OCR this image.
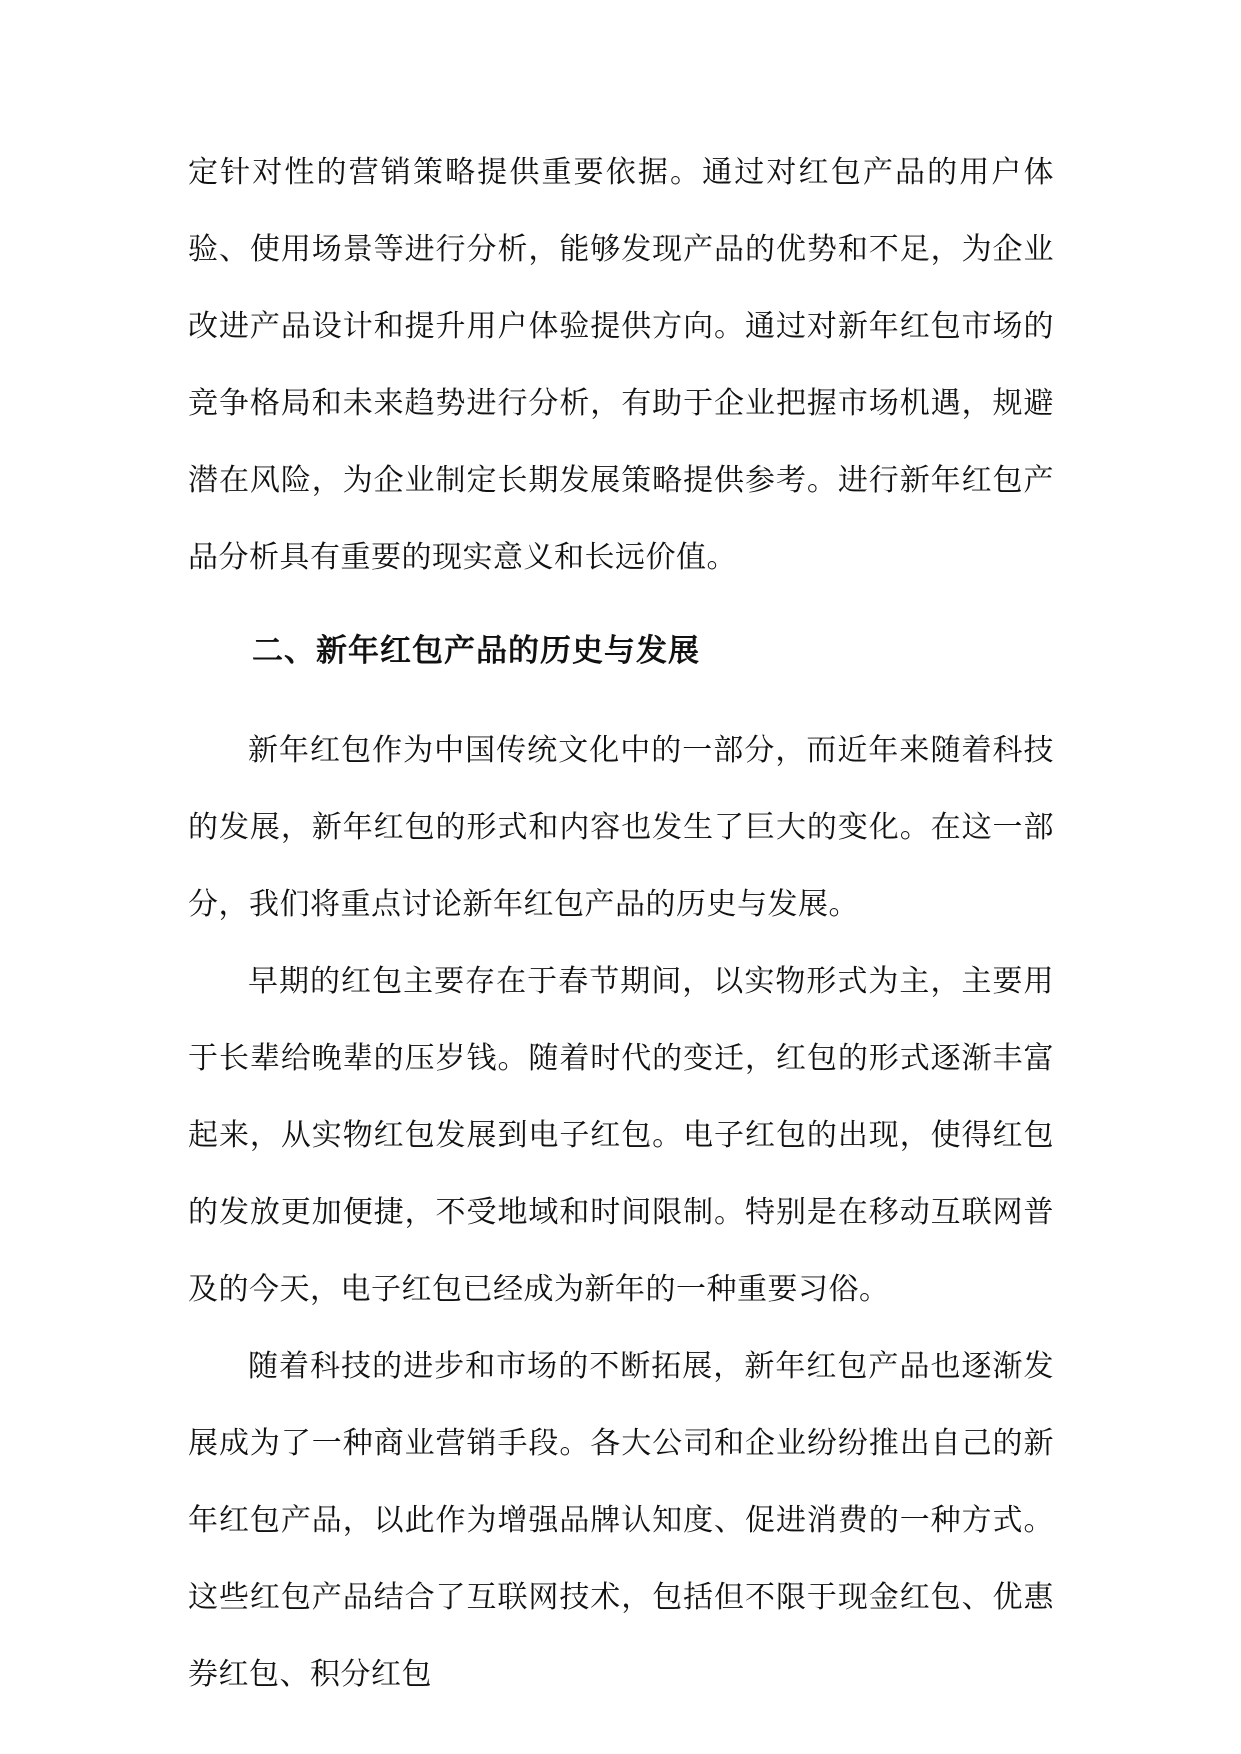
定针对性的营销策略提供重要依据。通过对红包产品的用户体验、使用场景等进行分析，能够发现产品的优势和不足，为企业改进产品设计和提升用户体验提供方向。通过对新年红包市场的竞争格局和未来趋势进行分析，有助于企业把握市场机遇，规避潜在风险，为企业制定长期发展策略提供参考。进行新年红包产品分析具有重要的现实意义和长远价值。
二、新年红包产品的历史与发展

新年红包作为中国传统文化中的一部分，而近年来随着科技的发展，新年红包的形式和内容也发生了巨大的变化。在这一部分，我们将重点讨论新年红包产品的历史与发展。

早期的红包主要存在于春节期间，以实物形式为主，主要用于长辈给晚辈的压岁钱。随着时代的变迁，红包的形式逐渐丰富起来，从实物红包发展到电子红包。电子红包的出现，使得红包的发放更加便捷，不受地域和时间限制。特别是在移动互联网普及的今天，电子红包已经成为新年的一种重要习俗。

随着科技的进步和市场的不断拓展，新年红包产品也逐渐发展成为了一种商业营销手段。各大公司和企业纷纷推出自己的新年红包产品，以此作为增强品牌认知度、促进消费的一种方式。这些红包产品结合了互联网技术，包括但不限于现金红包、优惠券红包、积分红包
